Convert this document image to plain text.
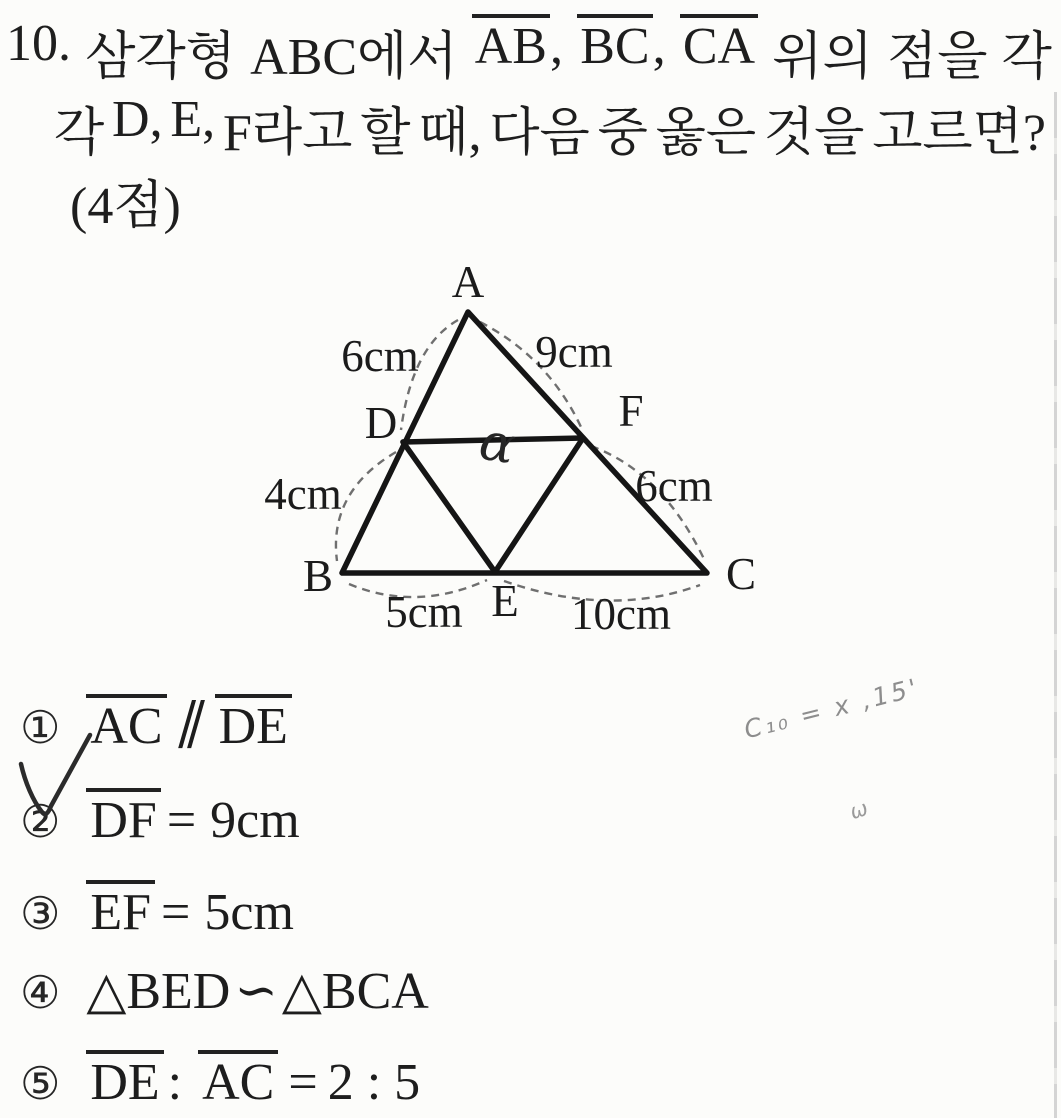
10. 삼각형 ABC에서 AB, BC, CA 위의 점을 각
각 D, E, F라고 할 때, 다음 중 옳은 것을 고르면?
(4점)
A
B	C
D
E
F
6cm	9cm
4cm	6cm
5cm 10cm
α
① AC ∥ DE
② DF = 9cm
③ EF = 5cm
④ △BED∽△BCA
⑤ DE : AC = 2 : 5
C₁₀ = x ,15'
ω
